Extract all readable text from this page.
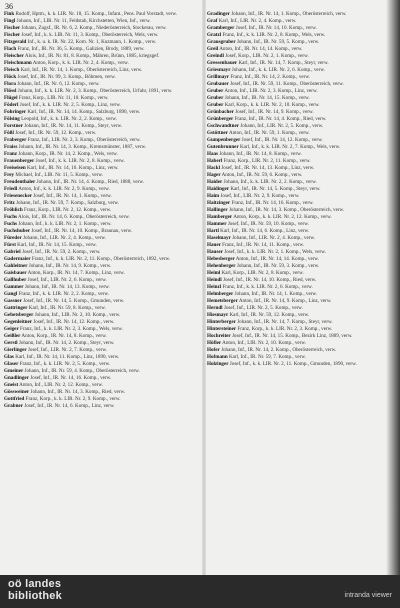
36
Fink Rudolf, Hptm., k. k. LIR. Nr. 18, 15. Komp., Infant., Pens. Paul Vorstadt, verw.
Fingl Johann, Inf., LIR. Nr. 11, Feldstab, Kirchstetten, Wien, Inf., verw.
Fischer Johann, Zugsf., IR. Nr. 6, 2. Komp., Niederösterreich, Stockerau, verw.
Fischer Josef, Inf., k. k. LIR. Nr. 11, 3. Komp., Oberösterreich, Wels, verw.
Fitzgerald Inf., k. u. k. IR. Nr. 22, Kom. Nr. 1, Kuzmann, 1. Komp., verw.
Flach Franz, Inf., IR. Nr. 36, 5. Komp., Galizien, Brody, 1889, verw.
Fleischer Alois, Inf., IR. Nr. 81, 8. Komp., Mähren, Brünn, 1885, kriegsgef.
Fleischmann Anton, Korp., k. k. LIR. Nr. 2, 4. Komp., verw.
Fleisch Karl, Inf., IR. Nr. 14, 1. Komp., Oberösterreich, Linz, verw.
Flöck Josef, Inf., IR. Nr. 99, 3. Komp., Böhmen, verw.
Flora Johann, Inf., IR. Nr. 6, 12. Komp., verw.
Flössl Johann, Inf., k. k. LIR. Nr. 2, 3. Komp., Oberösterreich, Urfahr, 1891, verw.
Flügel Franz, Korp., LIR. Nr. 11, 10. Komp., verw.
Föderl Josef, Inf., k. k. LIR. Nr. 2, 5. Komp., Linz, verw.
Fohringer Karl, Inf., IR. Nr. 14, 14. Komp., Salzburg, 1890, verw.
Fölsing Leopold, Inf., k. k. LIR. Nr. 2, 2. Komp., verw.
Forstner Johann, Inf., IR. Nr. 14, 11. Komp., Steyr, verw.
Fößl Josef, Inf., IR. Nr. 59, 12. Komp., verw.
Fraberger Franz, Inf., LIR. Nr. 2, 3. Komp., Oberösterreich, verw.
Fraiss Johann, Inf., IR. Nr. 14, 3. Komp., Kremsmünster, 1887, verw.
Franz Johann, Korp., IR. Nr. 14, 2. Komp., Wels, verw.
Frauenberger Josef, Inf., k. k. LIR. Nr. 2, 8. Komp., verw.
Freiseisen Karl, Inf., IR. Nr. 14, 16. Komp., Linz, verw.
Frey Michael, Inf., LIR. Nr. 11, 5. Komp., verw.
Freudenthaler Johann, Inf., IR. Nr. 14, 4. Komp., Ried, 1888, verw.
Friedl Anton, Inf., k. k. LIR. Nr. 2, 9. Komp., verw.
Friesenecker Josef, Inf., IR. Nr. 14, 1. Komp., verw.
Fritz Johann, Inf., IR. Nr. 59, 7. Komp., Salzburg, verw.
Fröhlich Franz, Korp., LIR. Nr. 2, 12. Komp., verw.
Fuchs Alois, Inf., IR. Nr. 14, 6. Komp., Oberösterreich, verw.
Fuchs Johann, Inf., k. k. LIR. Nr. 2, 1. Komp., verw.
Fuchshuber Josef, Inf., IR. Nr. 14, 10. Komp., Braunau, verw.
Füreder Johann, Inf., LIR. Nr. 2, 4. Komp., verw.
Fürst Karl, Inf., IR. Nr. 14, 15. Komp., verw.
Gabriel Josef, Inf., IR. Nr. 59, 2. Komp., verw.
Gadermaier Franz, Inf., k. k. LIR. Nr. 2, 11. Komp., Oberösterreich, 1892, verw.
Gahleitner Johann, Inf., IR. Nr. 14, 9. Komp., verw.
Gaisbauer Anton, Korp., IR. Nr. 14, 7. Komp., Linz, verw.
Gallhuber Josef, Inf., LIR. Nr. 2, 6. Komp., verw.
Gammer Johann, Inf., IR. Nr. 14, 13. Komp., verw.
Gangl Franz, Inf., k. k. LIR. Nr. 2, 2. Komp., verw.
Gassner Josef, Inf., IR. Nr. 14, 5. Komp., Gmunden, verw.
Gattringer Karl, Inf., IR. Nr. 59, 8. Komp., verw.
Gebetsberger Johann, Inf., LIR. Nr. 2, 10. Komp., verw.
Gegenleitner Josef, Inf., IR. Nr. 14, 12. Komp., verw.
Geiger Franz, Inf., k. k. LIR. Nr. 2, 3. Komp., Wels, verw.
Geißler Anton, Korp., IR. Nr. 14, 8. Komp., verw.
Gerstl Johann, Inf., IR. Nr. 14, 2. Komp., Steyr, verw.
Gierlinger Josef, Inf., LIR. Nr. 2, 7. Komp., verw.
Glas Karl, Inf., IR. Nr. 14, 11. Komp., Linz, 1890, verw.
Glaser Franz, Inf., k. k. LIR. Nr. 2, 5. Komp., verw.
Gmeiner Johann, Inf., IR. Nr. 59, 4. Komp., Oberösterreich, verw.
Gnadlinger Josef, Inf., IR. Nr. 14, 16. Komp., verw.
Gneist Anton, Inf., LIR. Nr. 2, 12. Komp., verw.
Gössweiner Johann, Inf., IR. Nr. 14, 3. Komp., Ried, verw.
Gottfried Franz, Korp., k. k. LIR. Nr. 2, 9. Komp., verw.
Grabner Josef, Inf., IR. Nr. 14, 6. Komp., Linz, verw.
Gradinger Johann, Inf., IR. Nr. 14, 1. Komp., Oberösterreich, verw.
Graf Karl, Inf., LIR. Nr. 2, 4. Komp., verw.
Gramberger Josef, Inf., IR. Nr. 14, 10. Komp., verw.
Gratzl Franz, Inf., k. k. LIR. Nr. 2, 8. Komp., Wels, verw.
Grausgruber Johann, Inf., IR. Nr. 59, 5. Komp., verw.
Greil Anton, Inf., IR. Nr. 14, 14. Komp., verw.
Greindl Josef, Korp., LIR. Nr. 2, 1. Komp., verw.
Gressenbauer Karl, Inf., IR. Nr. 14, 7. Komp., Steyr, verw.
Griesmayr Johann, Inf., k. k. LIR. Nr. 2, 6. Komp., verw.
Grillmayr Franz, Inf., IR. Nr. 14, 2. Komp., verw.
Grubauer Josef, Inf., IR. Nr. 59, 11. Komp., Oberösterreich, verw.
Gruber Anton, Inf., LIR. Nr. 2, 3. Komp., Linz, verw.
Gruber Johann, Inf., IR. Nr. 14, 15. Komp., verw.
Gruber Karl, Korp., k. k. LIR. Nr. 2, 10. Komp., verw.
Grünbacher Josef, Inf., IR. Nr. 14, 9. Komp., verw.
Grünberger Franz, Inf., IR. Nr. 14, 4. Komp., Ried, verw.
Gschwandtner Johann, Inf., LIR. Nr. 2, 5. Komp., verw.
Gstöttner Anton, Inf., IR. Nr. 59, 1. Komp., verw.
Gumpenberger Josef, Inf., IR. Nr. 14, 12. Komp., verw.
Gutenbrunner Karl, Inf., k. k. LIR. Nr. 2, 7. Komp., Wels, verw.
Haas Johann, Inf., IR. Nr. 14, 8. Komp., verw.
Haberl Franz, Korp., LIR. Nr. 2, 11. Komp., verw.
Hackl Josef, Inf., IR. Nr. 14, 13. Komp., Linz, verw.
Hager Anton, Inf., IR. Nr. 59, 6. Komp., verw.
Haider Johann, Inf., k. k. LIR. Nr. 2, 2. Komp., verw.
Haidinger Karl, Inf., IR. Nr. 14, 5. Komp., Steyr, verw.
Haim Josef, Inf., LIR. Nr. 2, 9. Komp., verw.
Haitzinger Franz, Inf., IR. Nr. 14, 16. Komp., verw.
Hallinger Johann, Inf., IR. Nr. 14, 3. Komp., Oberösterreich, verw.
Hamberger Anton, Korp., k. k. LIR. Nr. 2, 12. Komp., verw.
Hammer Josef, Inf., IR. Nr. 59, 10. Komp., verw.
Hartl Karl, Inf., IR. Nr. 14, 6. Komp., Linz, verw.
Haselmayr Johann, Inf., LIR. Nr. 2, 4. Komp., verw.
Hauer Franz, Inf., IR. Nr. 14, 11. Komp., verw.
Hauser Josef, Inf., k. k. LIR. Nr. 2, 1. Komp., Wels, verw.
Hebesberger Anton, Inf., IR. Nr. 14, 14. Komp., verw.
Hehenberger Johann, Inf., IR. Nr. 59, 3. Komp., verw.
Heiml Karl, Korp., LIR. Nr. 2, 8. Komp., verw.
Heindl Josef, Inf., IR. Nr. 14, 10. Komp., Ried, verw.
Heinzl Franz, Inf., k. k. LIR. Nr. 2, 6. Komp., verw.
Helmberger Johann, Inf., IR. Nr. 14, 1. Komp., verw.
Hemetsberger Anton, Inf., IR. Nr. 14, 9. Komp., Linz, verw.
Herndl Josef, Inf., LIR. Nr. 2, 5. Komp., verw.
Hiesmayr Karl, Inf., IR. Nr. 59, 12. Komp., verw.
Hinterberger Johann, Inf., IR. Nr. 14, 7. Komp., Steyr, verw.
Hintersteiner Franz, Korp., k. k. LIR. Nr. 2, 3. Komp., verw.
Hochreiter Josef, Inf., IR. Nr. 14, 15. Komp., Bezirk Linz, 1889, verw.
Höfler Anton, Inf., LIR. Nr. 2, 10. Komp., verw.
Hofer Johann, Inf., IR. Nr. 14, 2. Komp., Oberösterreich, verw.
Hofmann Karl, Inf., IR. Nr. 59, 7. Komp., verw.
Holzinger Josef, Inf., k. k. LIR. Nr. 2, 11. Komp., Gmunden, 1890, verw.
oö landes
bibliothek	intranda viewer
